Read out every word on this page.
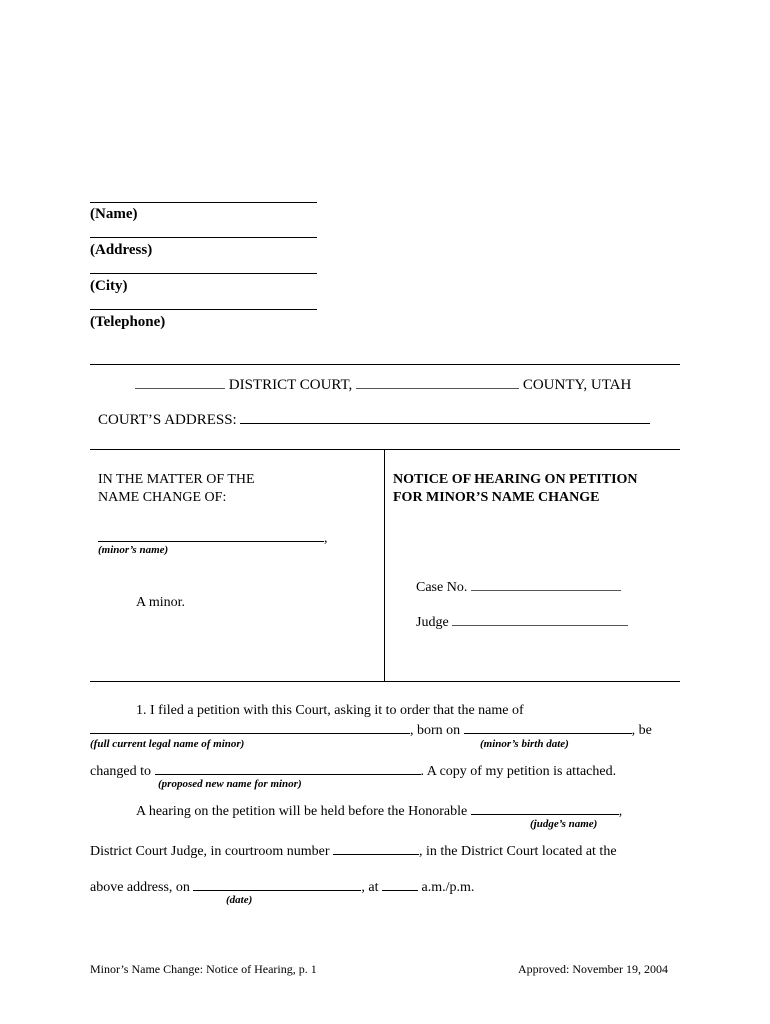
(Name)
(Address)
(City)
(Telephone)
DISTRICT COURT,	COUNTY, UTAH
COURT’S ADDRESS:
IN THE MATTER OF THE
NAME CHANGE OF:
,
(minor’s name)
A minor.
NOTICE OF HEARING ON PETITION
FOR MINOR’S NAME CHANGE
Case No.
Judge
1. I filed a petition with this Court, asking it to order that the name of
, born on	, be
(full current legal name of minor)	(minor’s birth date)
changed to	. A copy of my petition is attached.
(proposed new name for minor)
A hearing on the petition will be held before the Honorable	,
(judge’s name)
District Court Judge, in courtroom number	, in the District Court located at the
above address, on	, at	a.m./p.m.
(date)
Minor’s Name Change: Notice of Hearing, p. 1	Approved: November 19, 2004
